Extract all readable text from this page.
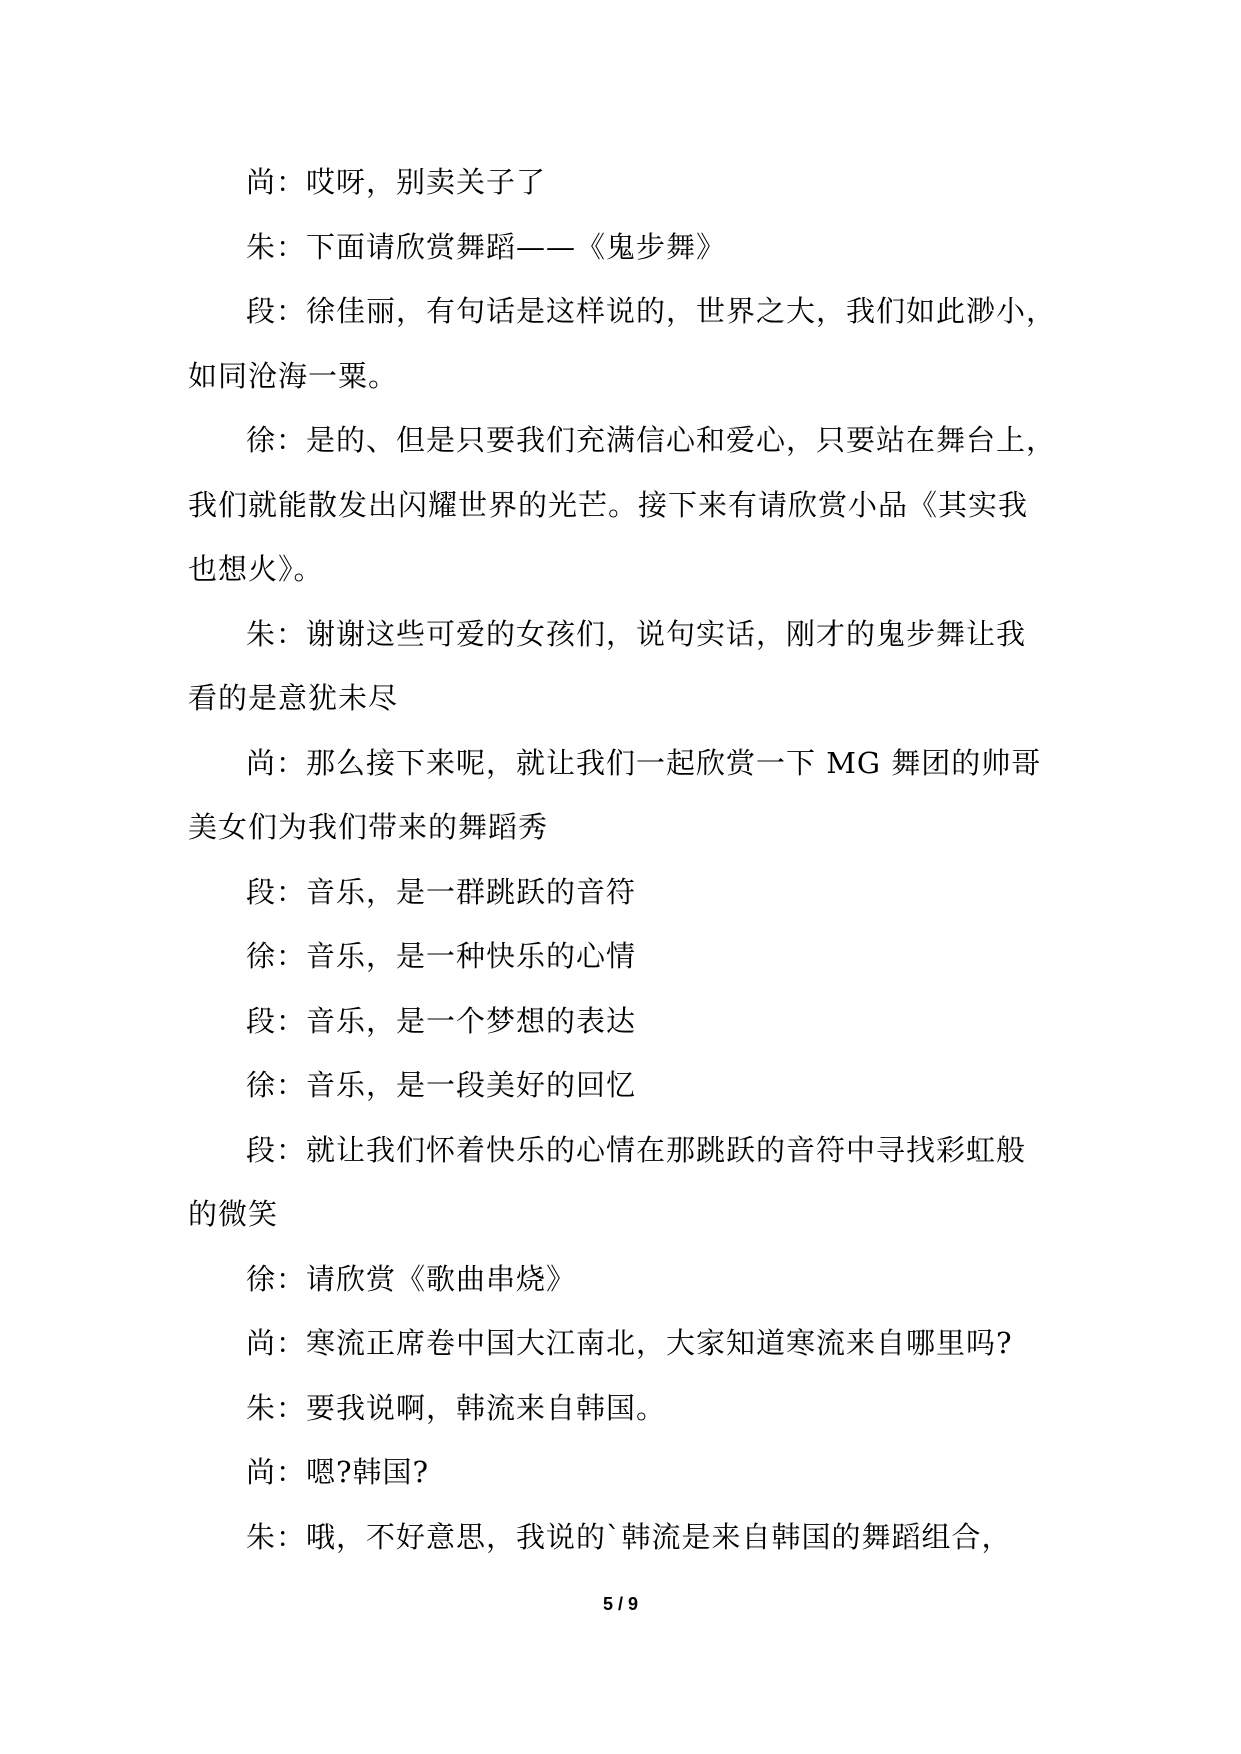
尚：哎呀，别卖关子了

朱：下面请欣赏舞蹈——《鬼步舞》

段：徐佳丽，有句话是这样说的，世界之大，我们如此渺小，
如同沧海一粟。

徐：是的、但是只要我们充满信心和爱心，只要站在舞台上，
我们就能散发出闪耀世界的光芒。接下来有请欣赏小品《其实我
也想火》。

朱：谢谢这些可爱的女孩们，说句实话，刚才的鬼步舞让我
看的是意犹未尽

尚：那么接下来呢，就让我们一起欣赏一下 MG 舞团的帅哥
美女们为我们带来的舞蹈秀

段：音乐，是一群跳跃的音符

徐：音乐，是一种快乐的心情

段：音乐，是一个梦想的表达

徐：音乐，是一段美好的回忆

段：就让我们怀着快乐的心情在那跳跃的音符中寻找彩虹般
的微笑

徐：请欣赏《歌曲串烧》

尚：寒流正席卷中国大江南北，大家知道寒流来自哪里吗?

朱：要我说啊，韩流来自韩国。

尚：嗯?韩国?

朱：哦，不好意思，我说的`韩流是来自韩国的舞蹈组合，

5 / 9
